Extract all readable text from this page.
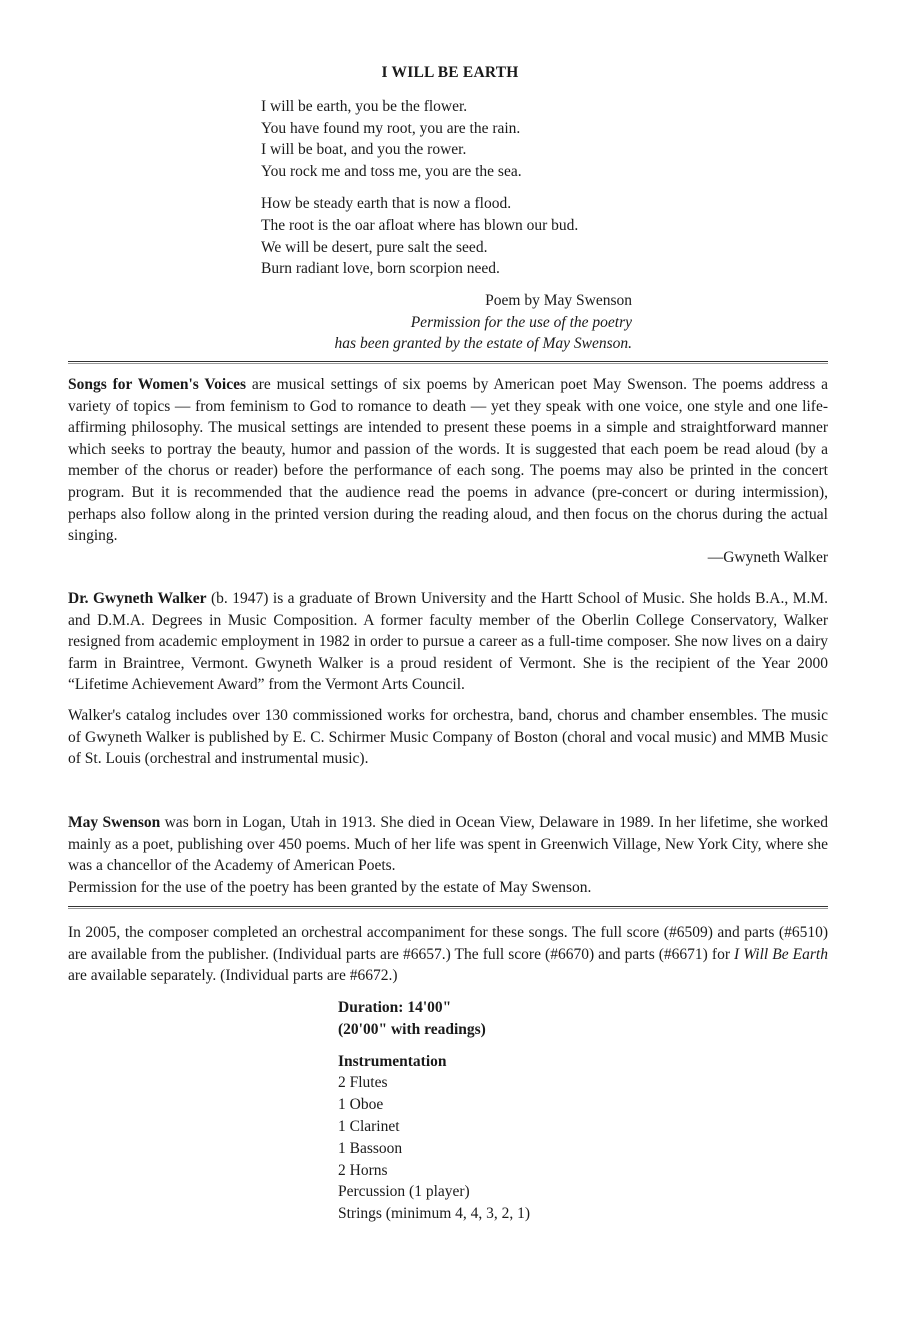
I WILL BE EARTH

I will be earth, you be the flower.
You have found my root, you are the rain.
I will be boat, and you the rower.
You rock me and toss me, you are the sea.

How be steady earth that is now a flood.
The root is the oar afloat where has blown our bud.
We will be desert, pure salt the seed.
Burn radiant love, born scorpion need.

Poem by May Swenson
Permission for the use of the poetry
has been granted by the estate of May Swenson.

Songs for Women's Voices are musical settings of six poems by American poet May Swenson. The poems address a variety of topics — from feminism to God to romance to death — yet they speak with one voice, one style and one life-affirming philosophy. The musical settings are intended to present these poems in a simple and straightforward manner which seeks to portray the beauty, humor and passion of the words. It is suggested that each poem be read aloud (by a member of the chorus or reader) before the performance of each song. The poems may also be printed in the concert program. But it is recommended that the audience read the poems in advance (pre-concert or during intermission), perhaps also follow along in the printed version during the reading aloud, and then focus on the chorus during the actual singing.

—Gwyneth Walker

Dr. Gwyneth Walker (b. 1947) is a graduate of Brown University and the Hartt School of Music. She holds B.A., M.M. and D.M.A. Degrees in Music Composition. A former faculty member of the Oberlin College Conservatory, Walker resigned from academic employment in 1982 in order to pursue a career as a full-time composer. She now lives on a dairy farm in Braintree, Vermont. Gwyneth Walker is a proud resident of Vermont. She is the recipient of the Year 2000 “Lifetime Achievement Award” from the Vermont Arts Council.

Walker's catalog includes over 130 commissioned works for orchestra, band, chorus and chamber ensembles. The music of Gwyneth Walker is published by E. C. Schirmer Music Company of Boston (choral and vocal music) and MMB Music of St. Louis (orchestral and instrumental music).

May Swenson was born in Logan, Utah in 1913. She died in Ocean View, Delaware in 1989. In her lifetime, she worked mainly as a poet, publishing over 450 poems. Much of her life was spent in Greenwich Village, New York City, where she was a chancellor of the Academy of American Poets.

Permission for the use of the poetry has been granted by the estate of May Swenson.

In 2005, the composer completed an orchestral accompaniment for these songs. The full score (#6509) and parts (#6510) are available from the publisher. (Individual parts are #6657.) The full score (#6670) and parts (#6671) for I Will Be Earth are available separately. (Individual parts are #6672.)

Duration: 14'00"
(20'00" with readings)
Instrumentation
2 Flutes
1 Oboe
1 Clarinet
1 Bassoon
2 Horns
Percussion (1 player)
Strings (minimum 4, 4, 3, 2, 1)
